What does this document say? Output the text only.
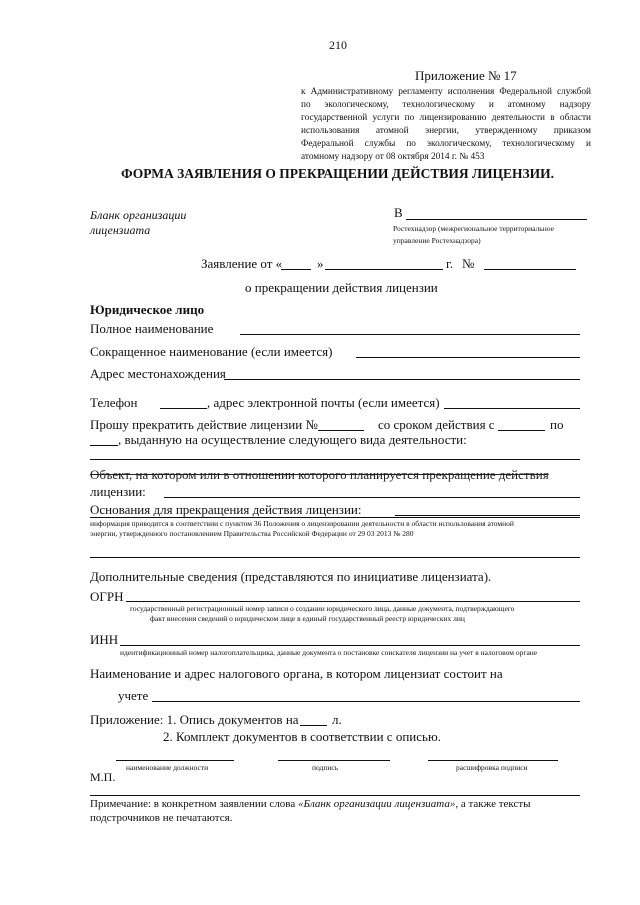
210
Приложение № 17
к Административному регламенту исполнения Федеральной службой
по экологическому, технологическому и атомному надзору
государственной услуги по лицензированию деятельности в области
использования атомной энергии, утвержденному приказом
Федеральной службы по экологическому, технологическому и
атомному надзору от 08 октября 2014 г. № 453
ФОРМА ЗАЯВЛЕНИЯ О ПРЕКРАЩЕНИИ ДЕЙСТВИЯ ЛИЦЕНЗИИ.
Бланк организации
лицензиата
В
Ростехнадзор (межрегиональное территориальное
управление Ростехнадзора)
Заявление от «	»	г. №
о прекращении действия лицензии
Юридическое лицо
Полное наименование
Сокращенное наименование (если имеется)
Адрес местонахождения
Телефон	, адрес электронной почты (если имеется)
Прошу прекратить действие лицензии №	со сроком действия с	по
, выданную на осуществление следующего вида деятельности:
Объект, на котором или в отношении которого планируется прекращение действия
лицензии:
Основания для прекращения действия лицензии:
информация приводится в соответствии с пунктом 36 Положения о лицензировании деятельности в области использования атомной
энергии, утвержденного постановлением Правительства Российской Федерации от 29 03 2013 № 280
Дополнительные сведения (представляются по инициативе лицензиата).
ОГРН
государственный регистрационный номер записи о создании юридического лица, данные документа, подтверждающего
факт внесения сведений о юридическом лице в единый государственный реестр юридических лиц
ИНН
идентификационный номер налогоплательщика, данные документа о постановке соискателя лицензии на учет в налоговом органе
Наименование и адрес налогового органа, в котором лицензиат состоит на
учете
Приложение: 1. Опись документов на	л.
2. Комплект документов в соответствии с описью.
наименование должности	подпись	расшифровка подписи
М.П.
Примечание: в конкретном заявлении слова «Бланк организации лицензиата», а также тексты
подстрочников не печатаются.
